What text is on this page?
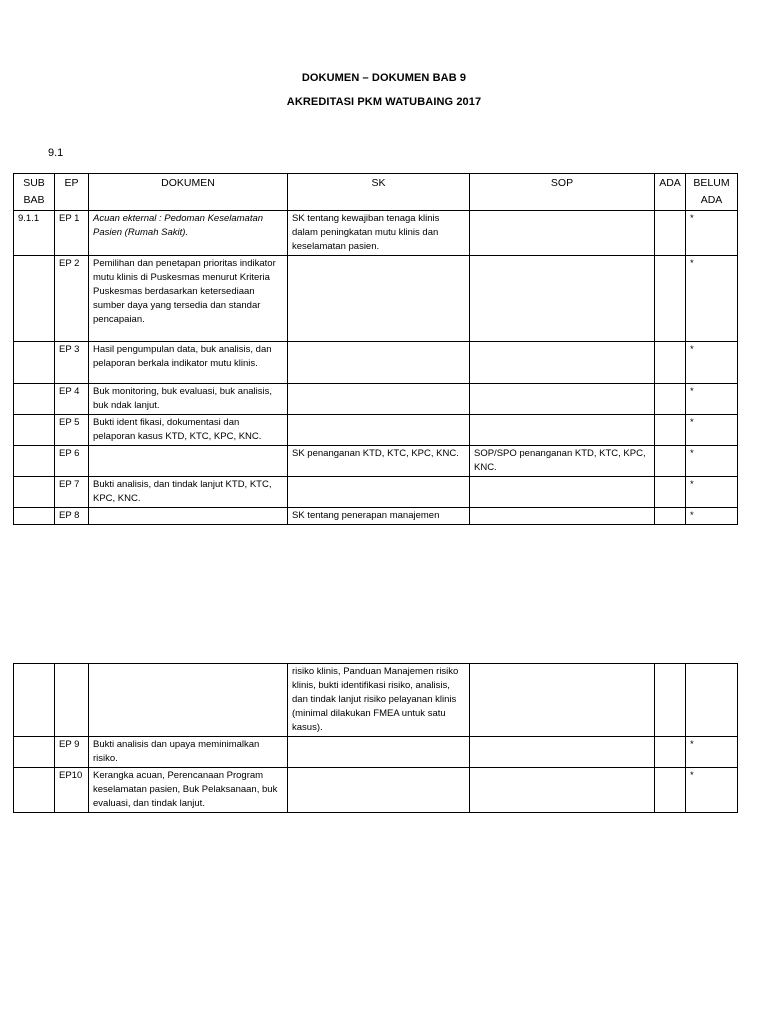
DOKUMEN – DOKUMEN BAB 9
AKREDITASI PKM WATUBAING 2017
9.1
SUB BAB	EP	DOKUMEN	SK	SOP	ADA	BELUM ADA
9.1.1	EP 1	Acuan ekternal : Pedoman Keselamatan Pasien (Rumah Sakit).	SK tentang kewajiban tenaga klinis dalam peningkatan mutu klinis dan keselamatan pasien.			*
	EP 2	Pemilihan dan penetapan prioritas indikator mutu klinis di Puskesmas menurut Kriteria Puskesmas berdasarkan ketersediaan sumber daya yang tersedia dan standar pencapaian.				*
	EP 3	Hasil pengumpulan data, buk analisis, dan pelaporan berkala indikator mutu klinis.				*
	EP 4	Buk monitoring, buk evaluasi, buk analisis, buk ndak lanjut.				*
	EP 5	Bukti ident fikasi, dokumentasi dan pelaporan kasus KTD, KTC, KPC, KNC.				*
	EP 6		SK penanganan KTD, KTC, KPC, KNC.	SOP/SPO penanganan KTD, KTC, KPC, KNC.		*
	EP 7	Bukti analisis, dan tindak lanjut KTD, KTC, KPC, KNC.				*
	EP 8		SK tentang penerapan manajemen			*
			risiko klinis, Panduan Manajemen risiko klinis, bukti identifikasi risiko, analisis, dan tindak lanjut risiko pelayanan klinis (minimal dilakukan FMEA untuk satu kasus).			
	EP 9	Bukti analisis dan upaya meminimalkan risiko.				*
	EP10	Kerangka acuan, Perencanaan Program keselamatan pasien, Buk Pelaksanaan, buk evaluasi, dan tindak lanjut.				*
